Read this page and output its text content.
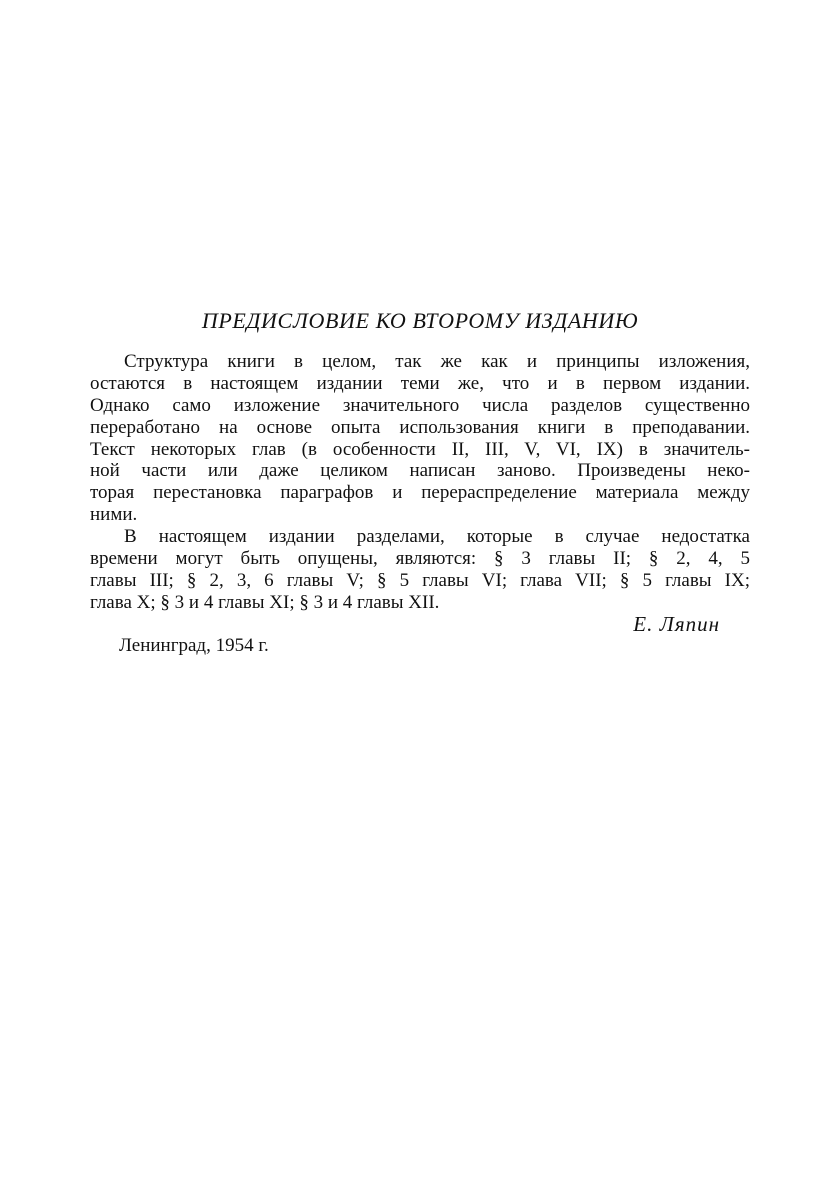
ПРЕДИСЛОВИЕ КО ВТОРОМУ ИЗДАНИЮ
Структура книги в целом, так же как и принципы изложения,
остаются в настоящем издании теми же, что и в первом издании.
Однако само изложение значительного числа разделов существенно
переработано на основе опыта использования книги в преподавании.
Текст некоторых глав (в особенности II, III, V, VI, IX) в значитель-
ной части или даже целиком написан заново. Произведены неко-
торая перестановка параграфов и перераспределение материала между
ними.
В настоящем издании разделами, которые в случае недостатка
времени могут быть опущены, являются: § 3 главы II; § 2, 4, 5
главы III; § 2, 3, 6 главы V; § 5 главы VI; глава VII; § 5 главы IX;
глава X; § 3 и 4 главы XI; § 3 и 4 главы XII.
Е. Ляпин
Ленинград, 1954 г.
